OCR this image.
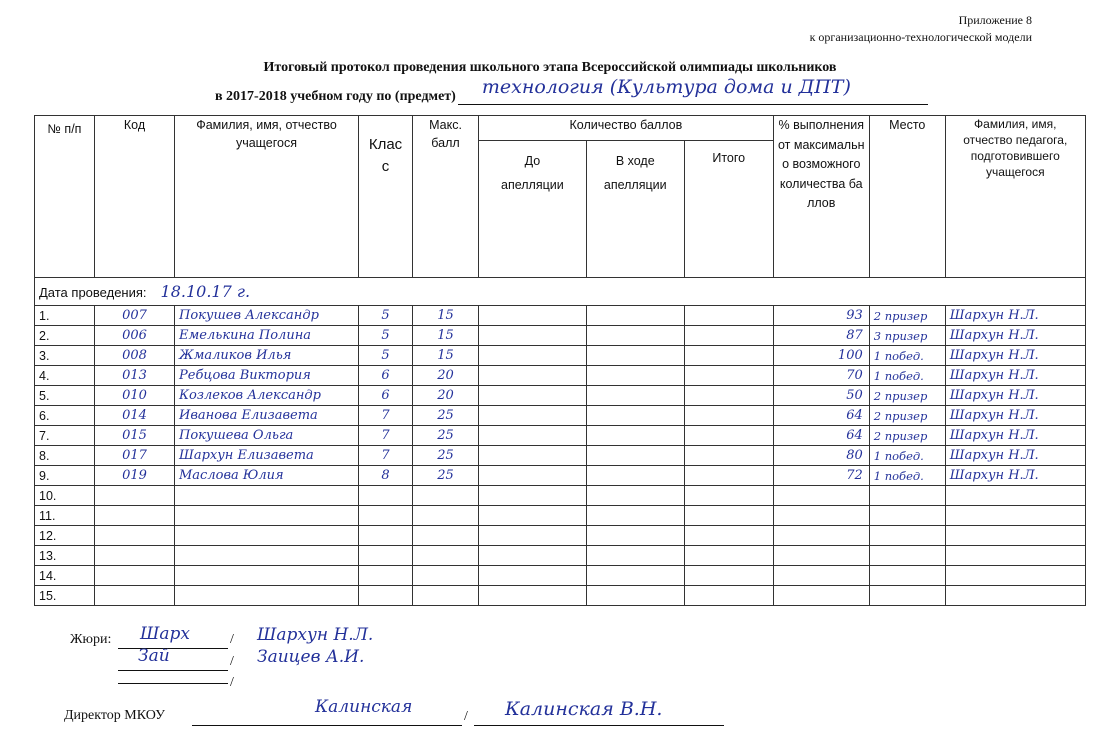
Приложение 8
к организационно-технологической модели
Итоговый протокол проведения школьного этапа Всероссийской олимпиады школьников
в 2017-2018 учебном году по (предмет) технология (Культура дома и ДПТ)
№ п/п	Код	Фамилия, имя, отчество учащегося	Класс	Макс. балл	Количество баллов			% выполнения от максимально возможного количества баллов	Место	Фамилия, имя, отчество педагога, подготовившего учащегося

					До апелляции	В ходе апелляции	Итого			

Дата проведения: 18.10.17 г.										
1.	007	Покушев Александр	5	15				93	2 призер	Шархун Н.Л.
2.	006	Емелькина Полина	5	15				87	3 призер	Шархун Н.Л.
3.	008	Жмаликов Илья	5	15				100	1 побед.	Шархун Н.Л.
4.	013	Ребцова Виктория	6	20				70	1 побед.	Шархун Н.Л.
5.	010	Козлеков Александр	6	20				50	2 призер	Шархун Н.Л.
6.	014	Иванова Елизавета	7	25				64	2 призер	Шархун Н.Л.
7.	015	Покушева Ольга	7	25				64	2 призер	Шархун Н.Л.
8.	017	Шархун Елизавета	7	25				80	1 побед.	Шархун Н.Л.
9.	019	Маслова Юлия	8	25				72	1 побед.	Шархун Н.Л.
10.										
11.										
12.										
13.										
14.										
15.										
Жюри: Шарх	/ Шархун Н.Л.
Зай	/ Заицев А.И.
/
Директор МКОУ	Калинская	/ Калинская В.Н.
